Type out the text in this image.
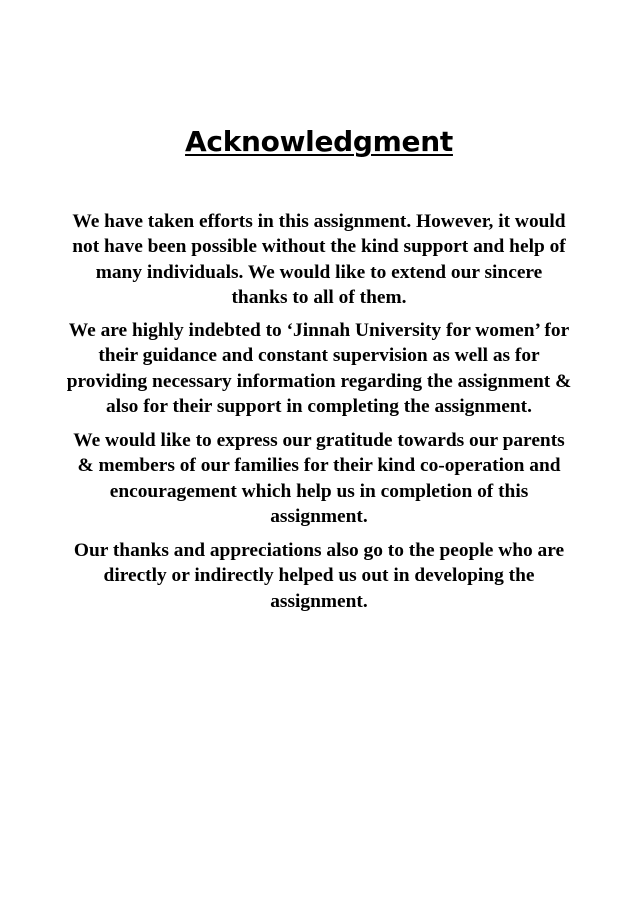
Acknowledgment

We have taken efforts in this assignment. However, it would not have been possible without the kind support and help of many individuals. We would like to extend our sincere thanks to all of them.

We are highly indebted to ‘Jinnah University for women’ for their guidance and constant supervision as well as for providing necessary information regarding the assignment & also for their support in completing the assignment.

We would like to express our gratitude towards our parents & members of our families for their kind co-operation and encouragement which help us in completion of this assignment.

Our thanks and appreciations also go to the people who are directly or indirectly helped us out in developing the assignment.
